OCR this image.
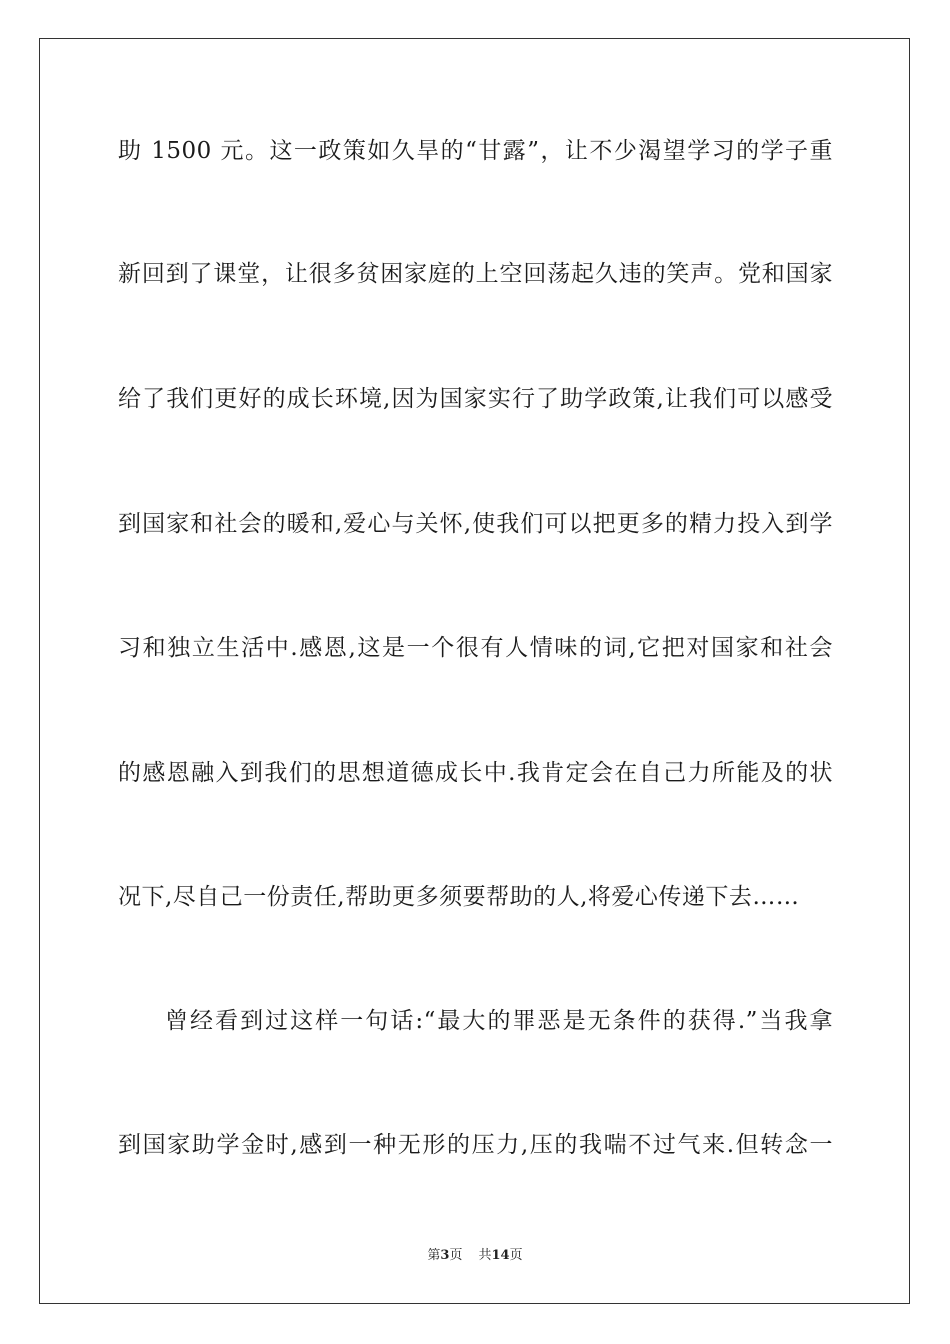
助 1500 元。这一政策如久旱的“甘露”，让不少渴望学习的学子重
新回到了课堂，让很多贫困家庭的上空回荡起久违的笑声。党和国家
给了我们更好的成长环境,因为国家实行了助学政策,让我们可以感受
到国家和社会的暖和,爱心与关怀,使我们可以把更多的精力投入到学
习和独立生活中.感恩,这是一个很有人情味的词,它把对国家和社会
的感恩融入到我们的思想道德成长中.我肯定会在自己力所能及的状
况下,尽自己一份责任,帮助更多须要帮助的人,将爱心传递下去……
曾经看到过这样一句话:“最大的罪恶是无条件的获得.”当我拿
到国家助学金时,感到一种无形的压力,压的我喘不过气来.但转念一
第3页 共14页
